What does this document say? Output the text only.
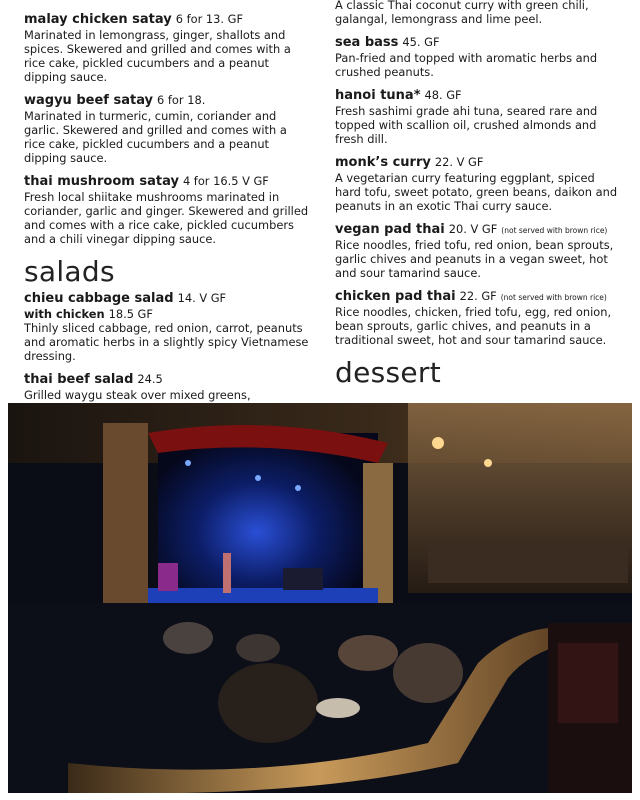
malay chicken satay 6 for 13. GF
Marinated in lemongrass, ginger, shallots and spices. Skewered and grilled and comes with a rice cake, pickled cucumbers and a peanut dipping sauce.
wagyu beef satay 6 for 18.
Marinated in turmeric, cumin, coriander and garlic. Skewered and grilled and comes with a rice cake, pickled cucumbers and a peanut dipping sauce.
thai mushroom satay 4 for 16.5 V GF
Fresh local shiitake mushrooms marinated in coriander, garlic and ginger. Skewered and grilled and comes with a rice cake, pickled cucumbers and a chili vinegar dipping sauce.
salads
chieu cabbage salad 14. V GF
with chicken 18.5 GF
Thinly sliced cabbage, red onion, carrot, peanuts and aromatic herbs in a slightly spicy Vietnamese dressing.
thai beef salad 24.5
Grilled waygu steak over mixed greens,
A classic Thai coconut curry with green chili,
galangal, lemongrass and lime peel.
sea bass 45. GF
Pan-fried and topped with aromatic herbs and crushed peanuts.
hanoi tuna* 48. GF
Fresh sashimi grade ahi tuna, seared rare and topped with scallion oil, crushed almonds and fresh dill.
monk’s curry 22. V GF
A vegetarian curry featuring eggplant, spiced hard tofu, sweet potato, green beans, daikon and peanuts in an exotic Thai curry sauce.
vegan pad thai 20. V GF (not served with brown rice)
Rice noodles, fried tofu, red onion, bean sprouts, garlic chives and peanuts in a vegan sweet, hot and sour tamarind sauce.
chicken pad thai 22. GF (not served with brown rice)
Rice noodles, chicken, fried tofu, egg, red onion, bean sprouts, garlic chives, and peanuts in a traditional sweet, hot and sour tamarind sauce.
dessert
